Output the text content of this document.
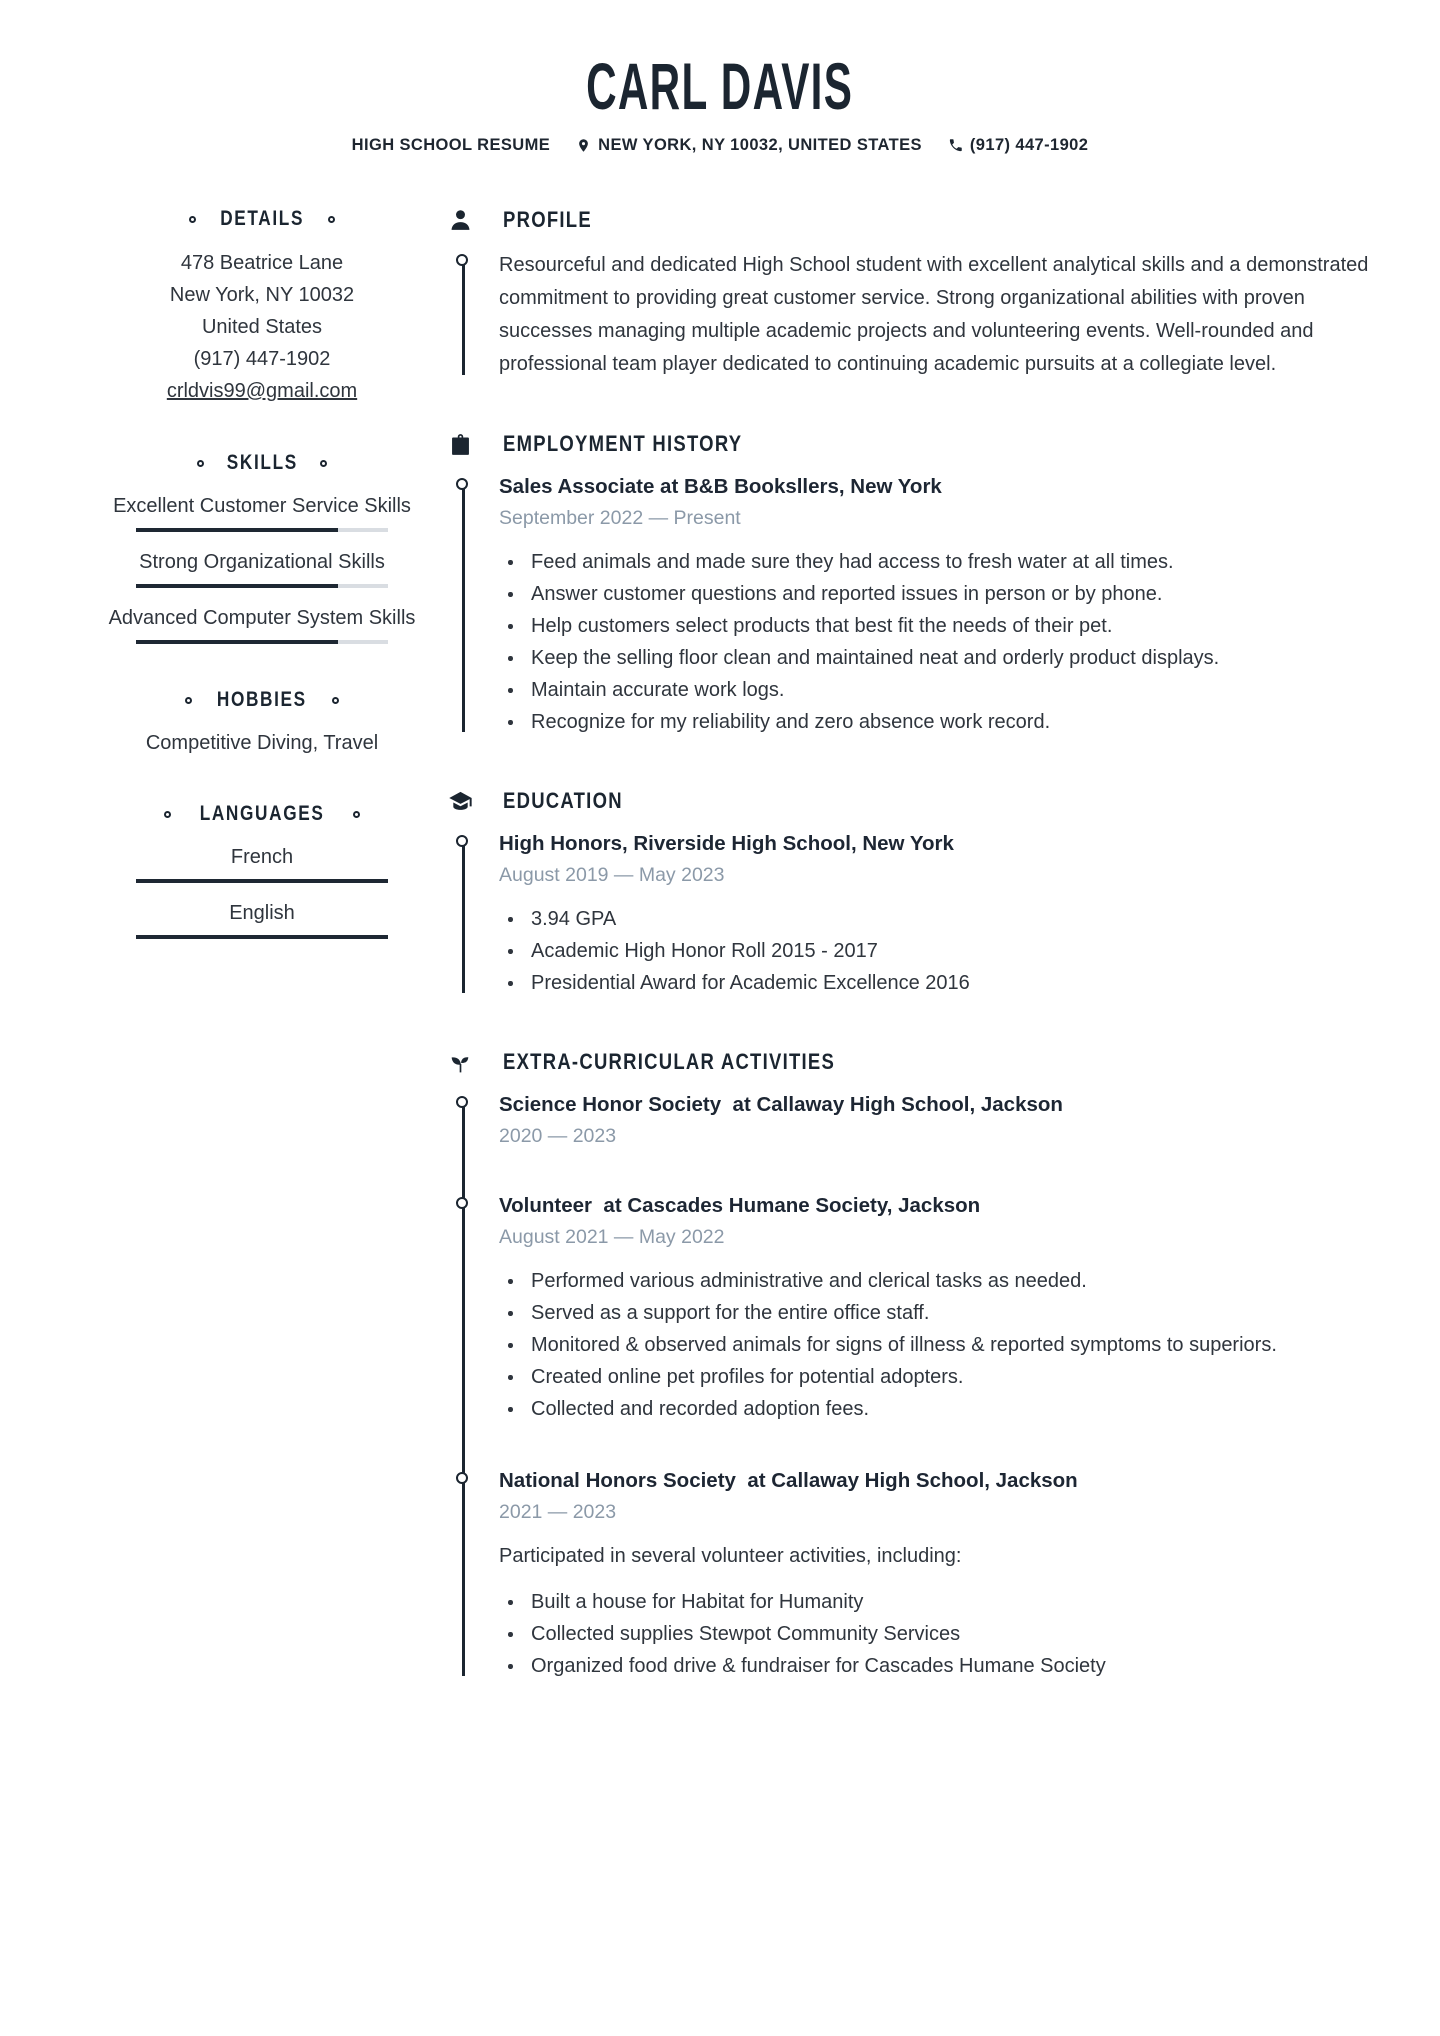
CARL DAVIS
HIGH SCHOOL RESUME	NEW YORK, NY 10032, UNITED STATES	(917) 447-1902
DETAILS
478 Beatrice Lane
New York, NY 10032
United States
(917) 447-1902
crldvis99@gmail.com
SKILLS
Excellent Customer Service Skills
Strong Organizational Skills
Advanced Computer System Skills
HOBBIES
Competitive Diving, Travel
LANGUAGES
French
English
PROFILE

Resourceful and dedicated High School student with excellent analytical skills and a demonstrated commitment to providing great customer service. Strong organizational abilities with proven successes managing multiple academic projects and volunteering events. Well-rounded and professional team player dedicated to continuing academic pursuits at a collegiate level.

EMPLOYMENT HISTORY
Sales Associate at B&B Booksllers, New York
September 2022 — Present
Feed animals and made sure they had access to fresh water at all times.
Answer customer questions and reported issues in person or by phone.
Help customers select products that best fit the needs of their pet.
Keep the selling floor clean and maintained neat and orderly product displays.
Maintain accurate work logs.
Recognize for my reliability and zero absence work record.
EDUCATION
High Honors, Riverside High School, New York
August 2019 — May 2023
3.94 GPA
Academic High Honor Roll 2015 - 2017
Presidential Award for Academic Excellence 2016
EXTRA-CURRICULAR ACTIVITIES
Science Honor Society  at Callaway High School, Jackson
2020 — 2023
Volunteer  at Cascades Humane Society, Jackson
August 2021 — May 2022
Performed various administrative and clerical tasks as needed.
Served as a support for the entire office staff.
Monitored & observed animals for signs of illness & reported symptoms to superiors.
Created online pet profiles for potential adopters.
Collected and recorded adoption fees.
National Honors Society  at Callaway High School, Jackson
2021 — 2023

Participated in several volunteer activities, including:

Built a house for Habitat for Humanity
Collected supplies Stewpot Community Services
Organized food drive & fundraiser for Cascades Humane Society
